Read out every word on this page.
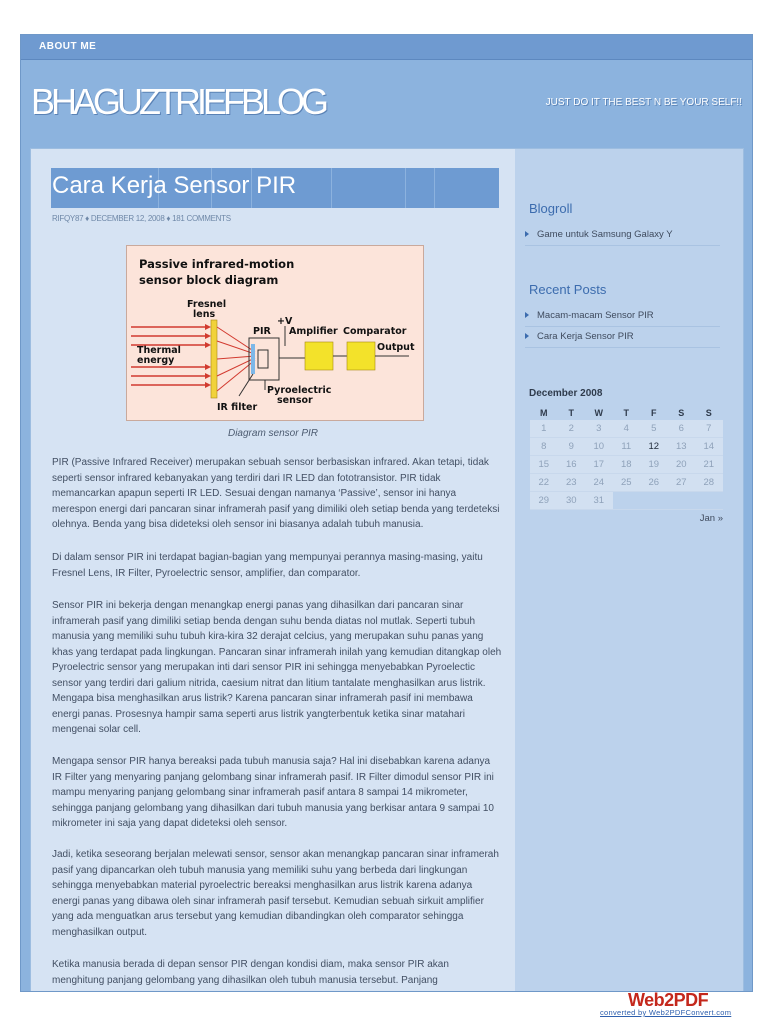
ABOUT ME
BHAGUZTRIEFBLOG	JUST DO IT THE BEST N BE YOUR SELF!!
Cara Kerja Sensor PIR
RIFQY87 ♦ DECEMBER 12, 2008 ♦ 181 COMMENTS
Passive infrared-motion
sensor block diagram
Fresnel
lens
Thermal
energy
PIR
+V
Amplifier Comparator
Output
Pyroelectric
sensor
IR filter
Diagram sensor PIR

PIR (Passive Infrared Receiver) merupakan sebuah sensor berbasiskan infrared. Akan tetapi, tidak seperti sensor infrared kebanyakan yang terdiri dari IR LED dan fototransistor. PIR tidak memancarkan apapun seperti IR LED. Sesuai dengan namanya ‘Passive’, sensor ini hanya merespon energi dari pancaran sinar inframerah pasif yang dimiliki oleh setiap benda yang terdeteksi olehnya. Benda yang bisa dideteksi oleh sensor ini biasanya adalah tubuh manusia.

Di dalam sensor PIR ini terdapat bagian-bagian yang mempunyai perannya masing-masing, yaitu Fresnel Lens, IR Filter, Pyroelectric sensor, amplifier, dan comparator.

Sensor PIR ini bekerja dengan menangkap energi panas yang dihasilkan dari pancaran sinar inframerah pasif yang dimiliki setiap benda dengan suhu benda diatas nol mutlak. Seperti tubuh manusia yang memiliki suhu tubuh kira-kira 32 derajat celcius, yang merupakan suhu panas yang khas yang terdapat pada lingkungan. Pancaran sinar inframerah inilah yang kemudian ditangkap oleh Pyroelectric sensor yang merupakan inti dari sensor PIR ini sehingga menyebabkan Pyroelectic sensor yang terdiri dari galium nitrida, caesium nitrat dan litium tantalate menghasilkan arus listrik. Mengapa bisa menghasilkan arus listrik? Karena pancaran sinar inframerah pasif ini membawa energi panas. Prosesnya hampir sama seperti arus listrik yangterbentuk ketika sinar matahari mengenai solar cell.

Mengapa sensor PIR hanya bereaksi pada tubuh manusia saja? Hal ini disebabkan karena adanya IR Filter yang menyaring panjang gelombang sinar inframerah pasif. IR Filter dimodul sensor PIR ini mampu menyaring panjang gelombang sinar inframerah pasif antara 8 sampai 14 mikrometer, sehingga panjang gelombang yang dihasilkan dari tubuh manusia yang berkisar antara 9 sampai 10 mikrometer ini saja yang dapat dideteksi oleh sensor.

Jadi, ketika seseorang berjalan melewati sensor, sensor akan menangkap pancaran sinar inframerah pasif yang dipancarkan oleh tubuh manusia yang memiliki suhu yang berbeda dari lingkungan sehingga menyebabkan material pyroelectric bereaksi menghasilkan arus listrik karena adanya energi panas yang dibawa oleh sinar inframerah pasif tersebut. Kemudian sebuah sirkuit amplifier yang ada menguatkan arus tersebut yang kemudian dibandingkan oleh comparator sehingga menghasilkan output.

Ketika manusia berada di depan sensor PIR dengan kondisi diam, maka sensor PIR akan menghitung panjang gelombang yang dihasilkan oleh tubuh manusia tersebut. Panjang

Blogroll
Game untuk Samsung Galaxy Y
Recent Posts
Macam-macam Sensor PIR
Cara Kerja Sensor PIR
December 2008
M	T	W	T	F	S	S
1	2	3	4	5	6	7
8	9	10	11	12	13	14
15	16	17	18	19	20	21
22	23	24	25	26	27	28
29	30	31				
Jan »
Web2PDF
converted by Web2PDFConvert.com
